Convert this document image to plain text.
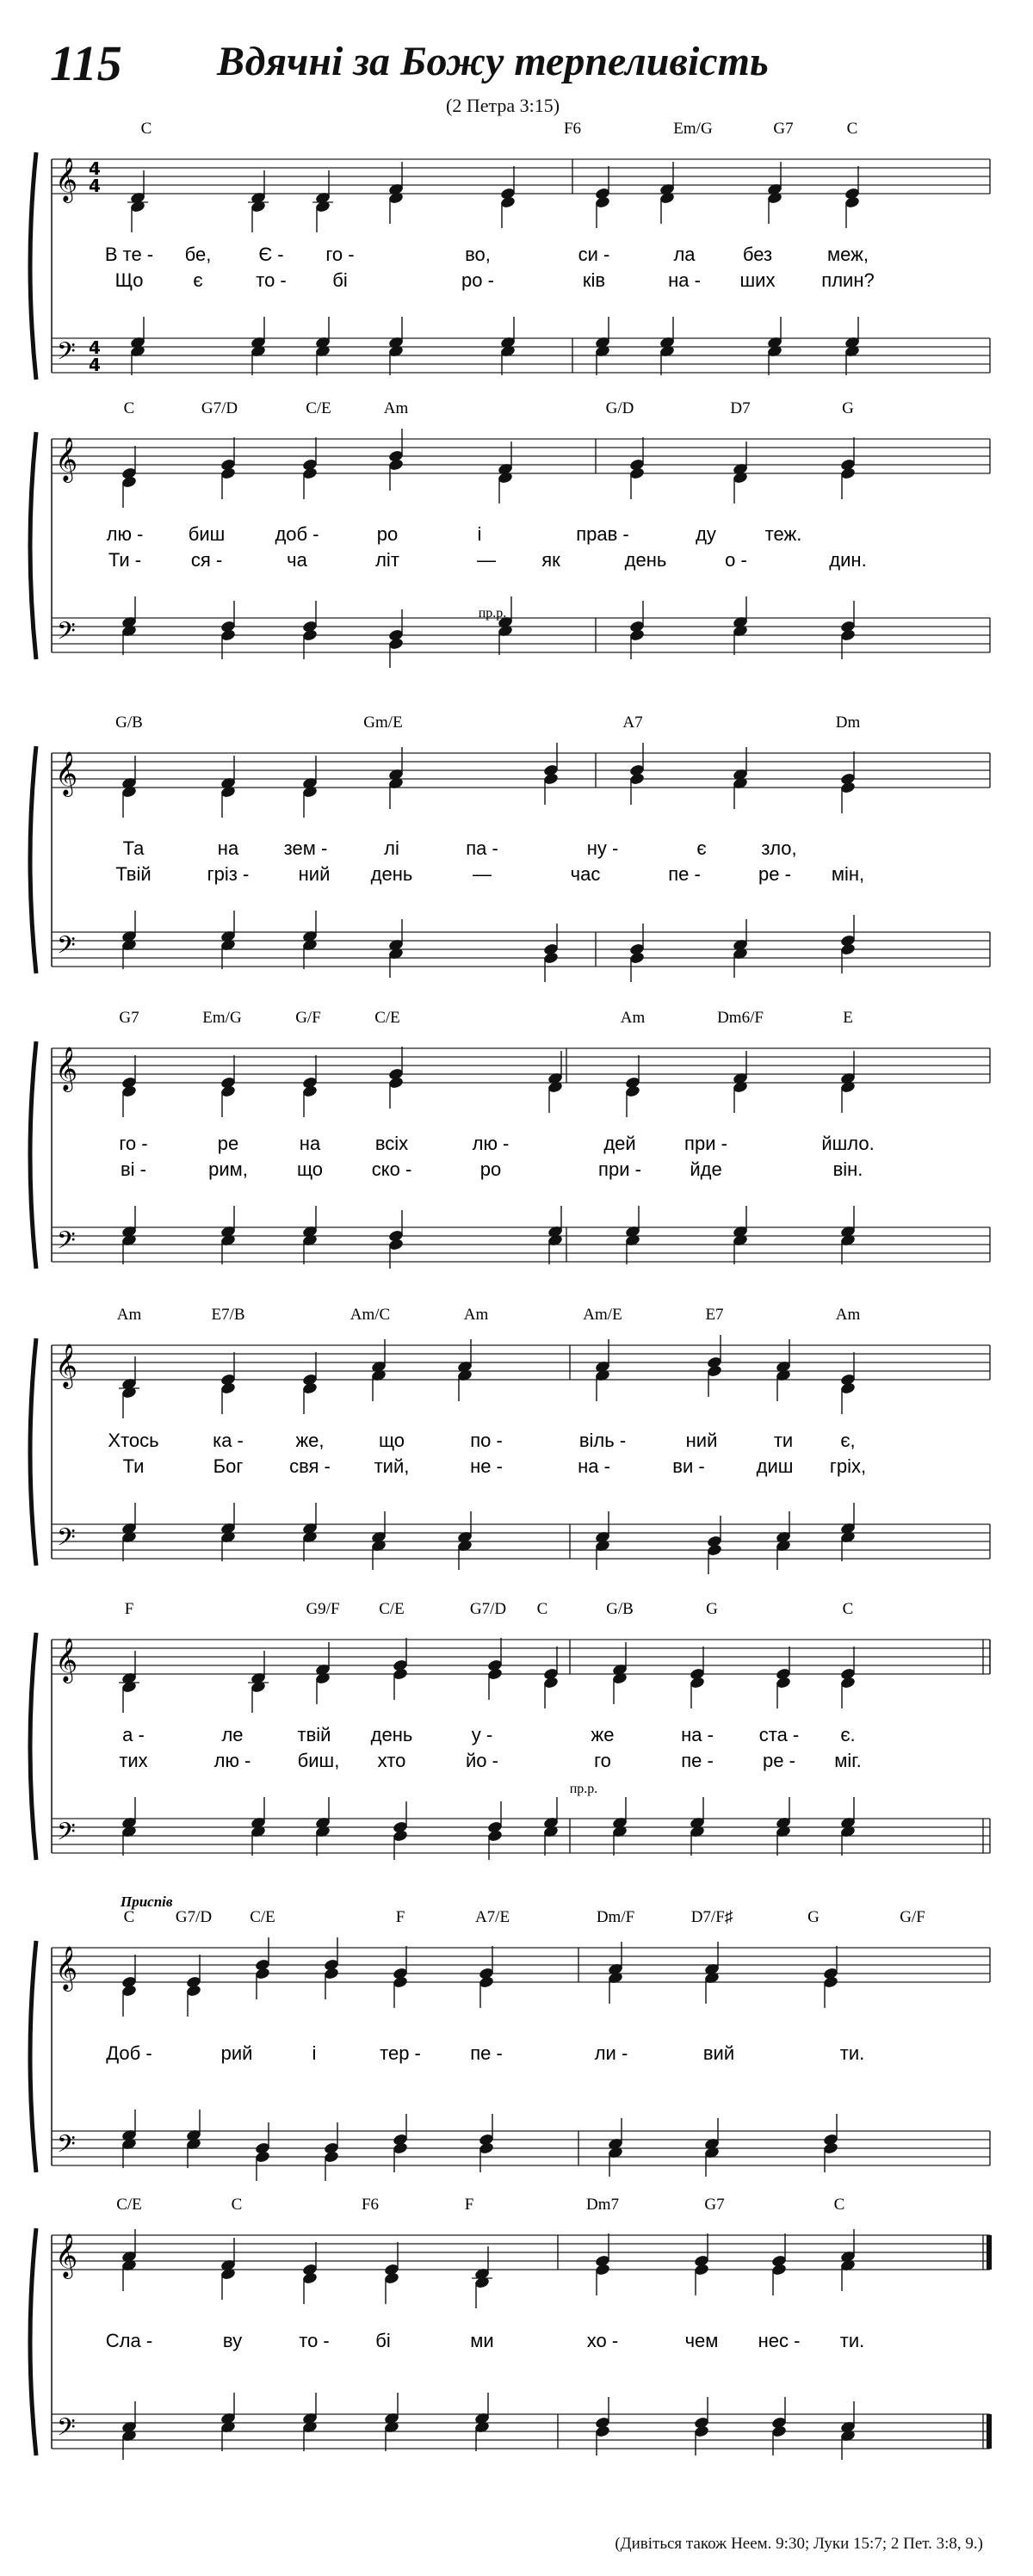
115 Вдячні за Божу терпеливість
(2 Петра 3:15)
C	F6	Em/G	G7	C
𝄞
𝄢
4
4
4
4
В те - бе,	Є - го -	во,	си -	ла	без	меж,
Що	є	то - бі	ро -	ків	на - ших плин?
C	G7/D	C/E	Am	G/D	D7	G
𝄞
𝄢
лю - биш	доб -	ро	і	прав -	ду	теж.
Ти -	ся -	ча	літ	— як	день	о -	дин.
G/B	Gm/E	A7	Dm
𝄞
𝄢
Та	на зем -	лі	па -	ну -	є	зло,
Твій	гріз -	ний день	—	час	пе -	ре - мін,
G7	Em/G	G/F	C/E	Am	Dm6/F	E
𝄞
𝄢
го -	ре	на	всіх	лю -	дей	при -	йшло.
ві -	рим,	що	ско -	ро	при -	йде	він.
Am	E7/B	Am/C	Am	Am/E	E7	Am
𝄞
𝄢
Хтось	ка -	же,	що	по -	віль -	ний	ти	є,
Ти	Бог свя - тий,	не -	на -	ви -	диш гріх,
F	G9/F C/E	G7/D C	G/B	G	C
𝄞
𝄢
а -	ле	твій день	у -	же	на - ста - є.
тих	лю - биш, хто	йо -	го	пе -	ре - міг.
C	G7/D C/E	F	A7/E	Dm/F	D7/F♯	G	G/F
𝄞
𝄢
Доб -	рий	і	тер -	пе -	ли -	вий	ти.
C/E	C	F6	F	Dm7	G7	C
𝄞
𝄢
Сла -	ву	то - бі	ми	хо -	чем нес - ти.
пр.р.
пр.р.
Приспів
(Дивіться також Неем. 9:30; Луки 15:7; 2 Пет. 3:8, 9.)
